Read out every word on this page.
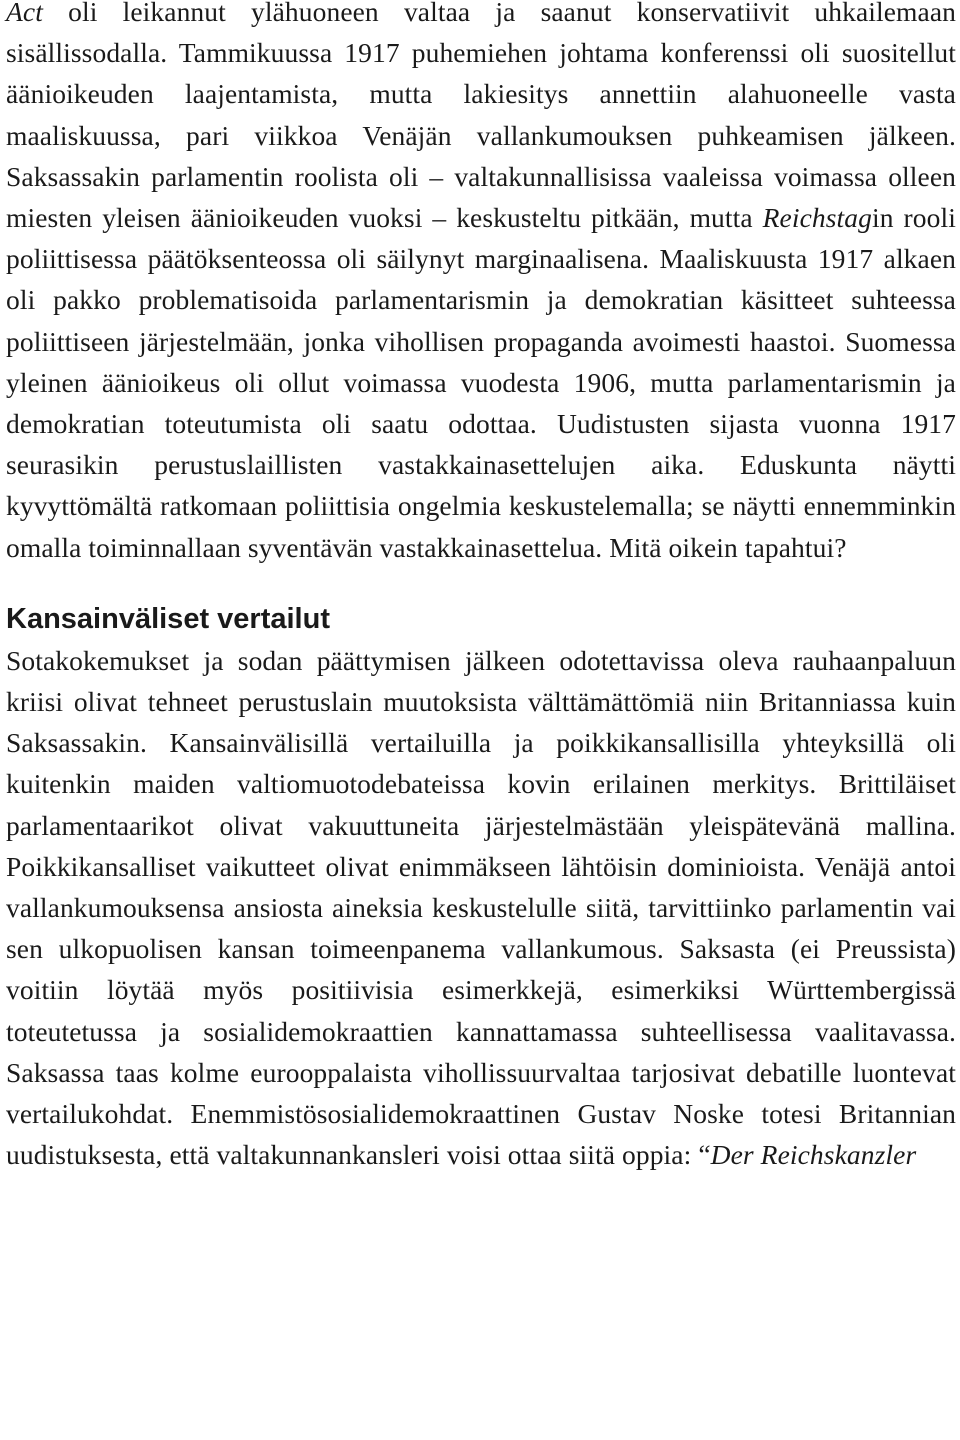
Act oli leikannut ylähuoneen valtaa ja saanut konservatiivit uhkailemaan sisällissodalla. Tammikuussa 1917 puhemiehen johtama konferenssi oli suositellut äänioikeuden laajentamista, mutta lakiesitys annettiin alahuoneelle vasta maaliskuussa, pari viikkoa Venäjän vallankumouksen puhkeamisen jälkeen. Saksassakin parlamentin roolista oli – valtakunnallisissa vaaleissa voimassa olleen miesten yleisen äänioikeuden vuoksi – keskusteltu pitkään, mutta Reichstagin rooli poliittisessa päätöksenteossa oli säilynyt marginaalisena. Maaliskuusta 1917 alkaen oli pakko problematisoida parlamentarismin ja demokratian käsitteet suhteessa poliittiseen järjestelmään, jonka vihollisen propaganda avoimesti haastoi. Suomessa yleinen äänioikeus oli ollut voimassa vuodesta 1906, mutta parlamentarismin ja demokratian toteutumista oli saatu odottaa. Uudistusten sijasta vuonna 1917 seurasikin perustuslaillisten vastakkainasettelujen aika. Eduskunta näytti kyvyttömältä ratkomaan poliittisia ongelmia keskustelemalla; se näytti ennemminkin omalla toiminnallaan syventävän vastakkainasettelua. Mitä oikein tapahtui?

Kansainväliset vertailut

Sotakokemukset ja sodan päättymisen jälkeen odotettavissa oleva rauhaanpaluun kriisi olivat tehneet perustuslain muutoksista välttämättömiä niin Britanniassa kuin Saksassakin. Kansainvälisillä vertailuilla ja poikkikansallisilla yhteyksillä oli kuitenkin maiden valtiomuotodebateissa kovin erilainen merkitys. Brittiläiset parlamentaarikot olivat vakuuttuneita järjestelmästään yleispätevänä mallina. Poikkikansalliset vaikutteet olivat enimmäkseen lähtöisin dominioista. Venäjä antoi vallankumouksensa ansiosta aineksia keskustelulle siitä, tarvittiinko parlamentin vai sen ulkopuolisen kansan toimeenpanema vallankumous. Saksasta (ei Preussista) voitiin löytää myös positiivisia esimerkkejä, esimerkiksi Württembergissä toteutetussa ja sosialidemokraattien kannattamassa suhteellisessa vaalitavassa. Saksassa taas kolme eurooppalaista vihollissuurvaltaa tarjosivat debatille luontevat vertailukohdat. Enemmistösosialidemokraattinen Gustav Noske totesi Britannian uudistuksesta, että valtakunnankansleri voisi ottaa siitä oppia: “Der Reichskanzler
